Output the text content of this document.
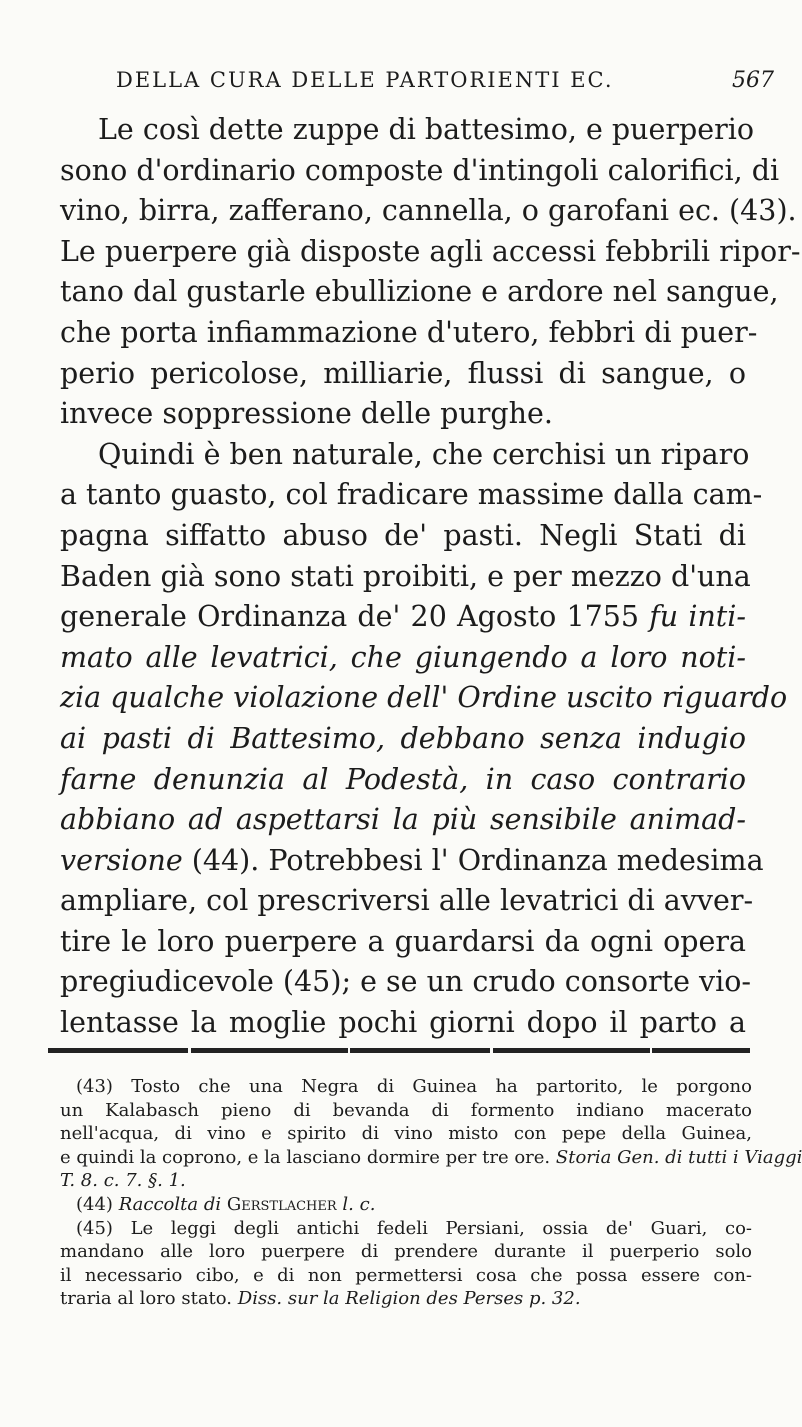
DELLA CURA DELLE PARTORIENTI EC.	567
Le così dette zuppe di battesimo, e puerperio
sono d'ordinario composte d'intingoli calorifici, di
vino, birra, zafferano, cannella, o garofani ec. (43).
Le puerpere già disposte agli accessi febbrili ripor-
tano dal gustarle ebullizione e ardore nel sangue,
che porta infiammazione d'utero, febbri di puer-
perio pericolose, milliarie, flussi di sangue, o
invece soppressione delle purghe.
Quindi è ben naturale, che cerchisi un riparo
a tanto guasto, col fradicare massime dalla cam-
pagna siffatto abuso de' pasti. Negli Stati di
Baden già sono stati proibiti, e per mezzo d'una
generale Ordinanza de' 20 Agosto 1755 fu inti-
mato alle levatrici, che giungendo a loro noti-
zia qualche violazione dell' Ordine uscito riguardo
ai pasti di Battesimo, debbano senza indugio
farne denunzia al Podestà, in caso contrario
abbiano ad aspettarsi la più sensibile animad-
versione (44). Potrebbesi l' Ordinanza medesima
ampliare, col prescriversi alle levatrici di avver-
tire le loro puerpere a guardarsi da ogni opera
pregiudicevole (45); e se un crudo consorte vio-
lentasse la moglie pochi giorni dopo il parto a
(43) Tosto che una Negra di Guinea ha partorito, le porgono
un Kalabasch pieno di bevanda di formento indiano macerato
nell'acqua, di vino e spirito di vino misto con pepe della Guinea,
e quindi la coprono, e la lasciano dormire per tre ore. Storia Gen. di tutti i Viaggi
T. 8. c. 7. §. 1.
(44) Raccolta di Gerstlacher l. c.
(45) Le leggi degli antichi fedeli Persiani, ossia de' Guari, co-
mandano alle loro puerpere di prendere durante il puerperio solo
il necessario cibo, e di non permettersi cosa che possa essere con-
traria al loro stato. Diss. sur la Religion des Perses p. 32.
